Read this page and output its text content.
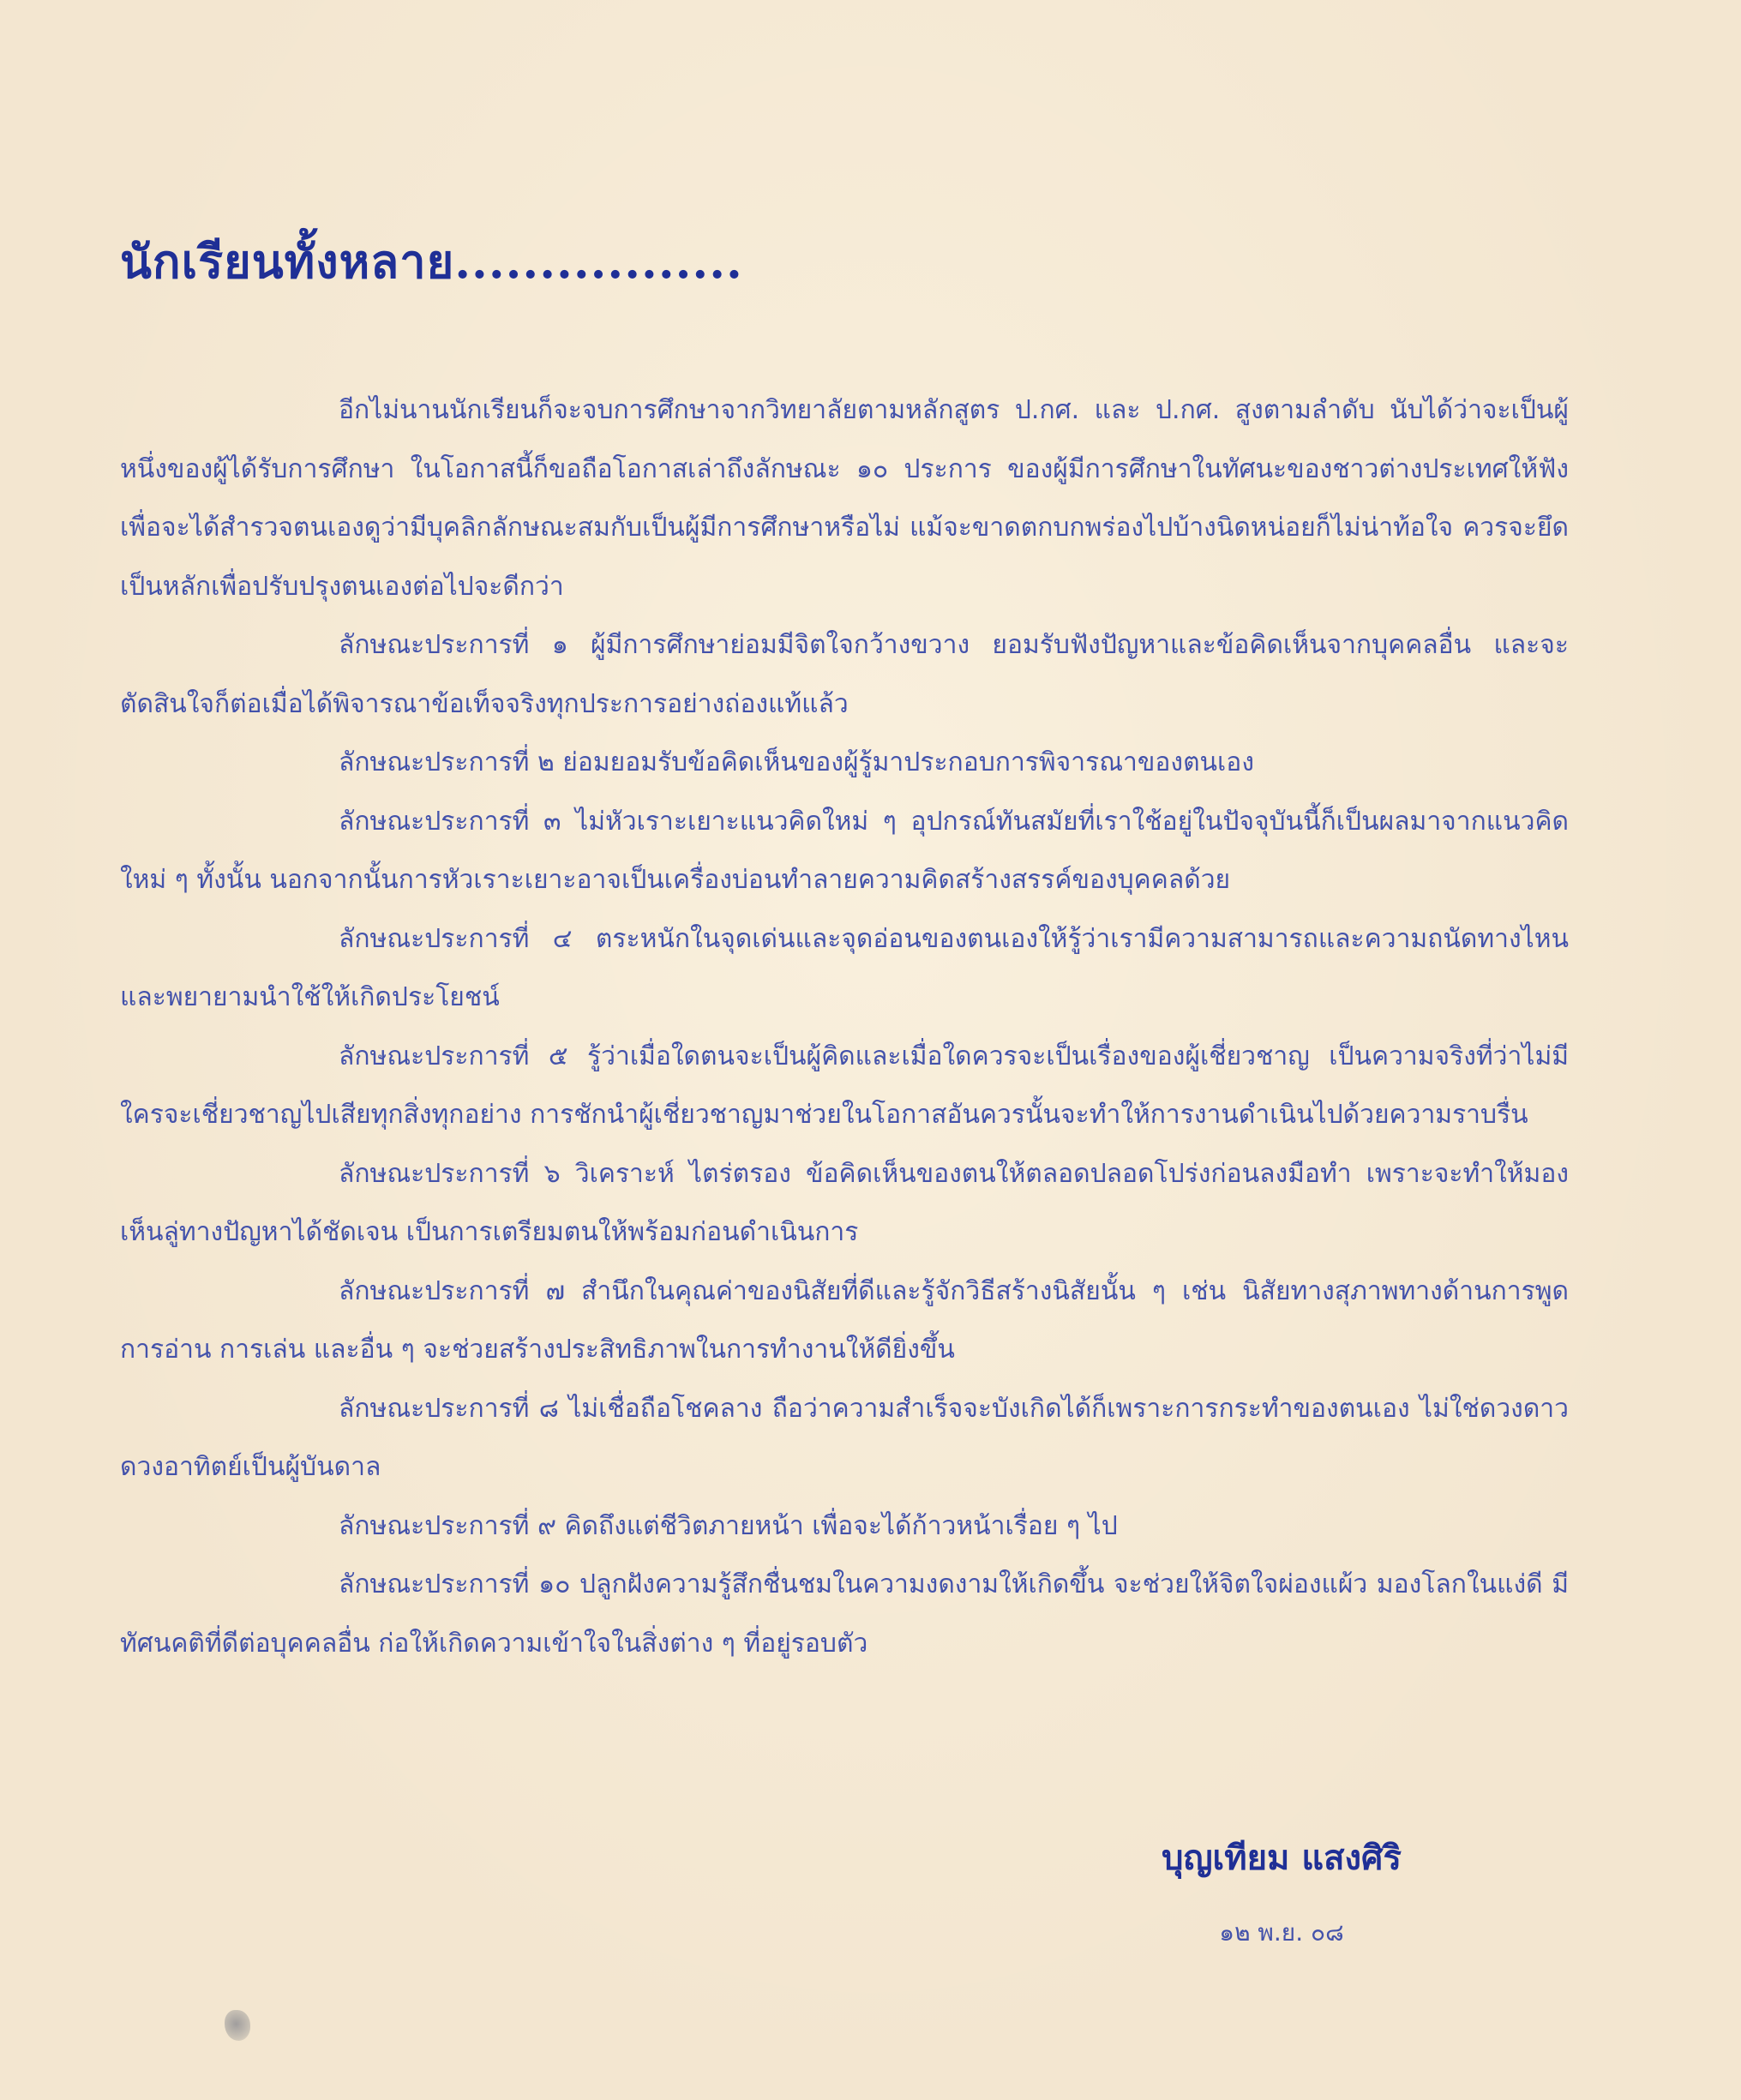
นักเรียนทั้งหลาย.................

อีกไม่นานนักเรียนก็จะจบการศึกษาจากวิทยาลัยตามหลักสูตร ป.กศ. และ ป.กศ. สูงตามลำดับ นับได้ว่าจะเป็นผู้หนึ่งของผู้ได้รับการศึกษา ในโอกาสนี้ก็ขอถือโอกาสเล่าถึงลักษณะ ๑๐ ประการ ของผู้มีการศึกษาในทัศนะของชาวต่างประเทศให้ฟัง เพื่อจะได้สำรวจตนเองดูว่ามีบุคลิกลักษณะสมกับเป็นผู้มีการศึกษาหรือไม่ แม้จะขาดตกบกพร่องไปบ้างนิดหน่อยก็ไม่น่าท้อใจ ควรจะยึดเป็นหลักเพื่อปรับปรุงตนเองต่อไปจะดีกว่า

ลักษณะประการที่ ๑ ผู้มีการศึกษาย่อมมีจิตใจกว้างขวาง ยอมรับฟังปัญหาและข้อคิดเห็นจากบุคคลอื่น และจะตัดสินใจก็ต่อเมื่อได้พิจารณาข้อเท็จจริงทุกประการอย่างถ่องแท้แล้ว

ลักษณะประการที่ ๒ ย่อมยอมรับข้อคิดเห็นของผู้รู้มาประกอบการพิจารณาของตนเอง

ลักษณะประการที่ ๓ ไม่หัวเราะเยาะแนวคิดใหม่ ๆ อุปกรณ์ทันสมัยที่เราใช้อยู่ในปัจจุบันนี้ก็เป็นผลมาจากแนวคิดใหม่ ๆ ทั้งนั้น นอกจากนั้นการหัวเราะเยาะอาจเป็นเครื่องบ่อนทำลายความคิดสร้างสรรค์ของบุคคลด้วย

ลักษณะประการที่ ๔ ตระหนักในจุดเด่นและจุดอ่อนของตนเองให้รู้ว่าเรามีความสามารถและความถนัดทางไหน และพยายามนำใช้ให้เกิดประโยชน์

ลักษณะประการที่ ๕ รู้ว่าเมื่อใดตนจะเป็นผู้คิดและเมื่อใดควรจะเป็นเรื่องของผู้เชี่ยวชาญ เป็นความจริงที่ว่าไม่มีใครจะเชี่ยวชาญไปเสียทุกสิ่งทุกอย่าง การชักนำผู้เชี่ยวชาญมาช่วยในโอกาสอันควรนั้นจะทำให้การงานดำเนินไปด้วยความราบรื่น

ลักษณะประการที่ ๖ วิเคราะห์ ไตร่ตรอง ข้อคิดเห็นของตนให้ตลอดปลอดโปร่งก่อนลงมือทำ เพราะจะทำให้มองเห็นลู่ทางปัญหาได้ชัดเจน เป็นการเตรียมตนให้พร้อมก่อนดำเนินการ

ลักษณะประการที่ ๗ สำนึกในคุณค่าของนิสัยที่ดีและรู้จักวิธีสร้างนิสัยนั้น ๆ เช่น นิสัยทางสุภาพทางด้านการพูด การอ่าน การเล่น และอื่น ๆ จะช่วยสร้างประสิทธิภาพในการทำงานให้ดียิ่งขึ้น

ลักษณะประการที่ ๘ ไม่เชื่อถือโชคลาง ถือว่าความสำเร็จจะบังเกิดได้ก็เพราะการกระทำของตนเอง ไม่ใช่ดวงดาวดวงอาทิตย์เป็นผู้บันดาล

ลักษณะประการที่ ๙ คิดถึงแต่ชีวิตภายหน้า เพื่อจะได้ก้าวหน้าเรื่อย ๆ ไป

ลักษณะประการที่ ๑๐ ปลูกฝังความรู้สึกชื่นชมในความงดงามให้เกิดขึ้น จะช่วยให้จิตใจผ่องแผ้ว มองโลกในแง่ดี มีทัศนคติที่ดีต่อบุคคลอื่น ก่อให้เกิดความเข้าใจในสิ่งต่าง ๆ ที่อยู่รอบตัว

บุญเทียม แสงศิริ
๑๒ พ.ย. ๐๘
